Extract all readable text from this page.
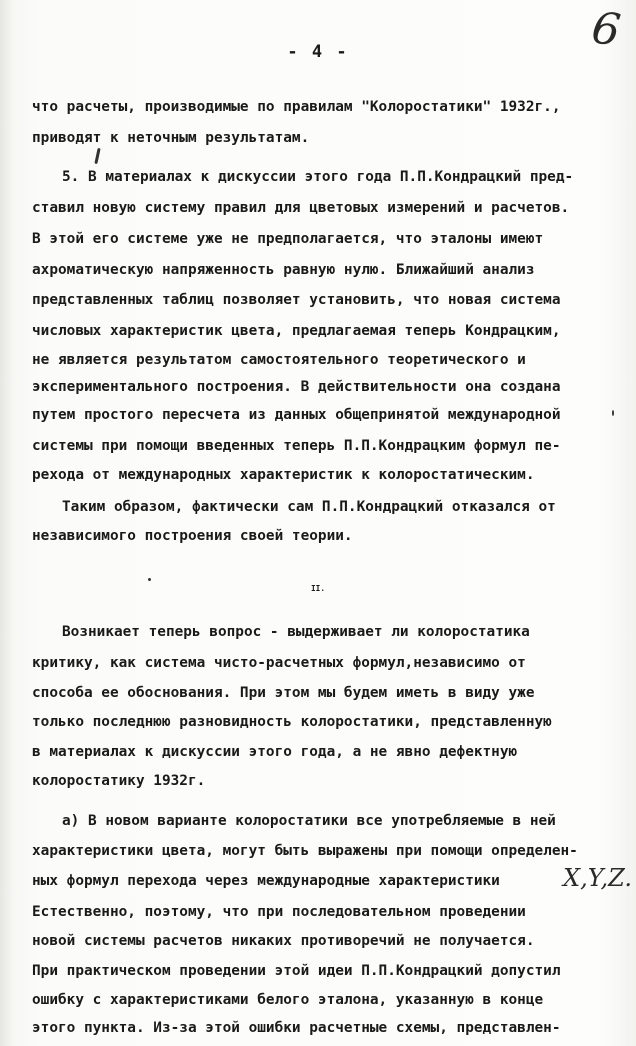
6
- 4 -
что расчеты, производимые по правилам "Колоростатики" 1932г.,
приводят к неточным результатам.
5. В материалах к дискуссии этого года П.П.Кондрацкий пред-
ставил новую систему правил для цветовых измерений и расчетов.
В этой его системе уже не предполагается, что эталоны имеют
ахроматическую напряженность равную нулю. Ближайший анализ
представленных таблиц позволяет установить, что новая система
числовых характеристик цвета, предлагаемая теперь Кондрацким,
не является результатом самостоятельного теоретического и
экспериментального построения. В действительности она создана
путем простого пересчета из данных общепринятой международной
системы при помощи введенных теперь П.П.Кондрацким формул пе-
рехода от международных характеристик к колоростатическим.
Таким образом, фактически сам П.П.Кондрацкий отказался от
независимого построения своей теории.
II.
Возникает теперь вопрос - выдерживает ли колоростатика
критику, как система чисто-расчетных формул,независимо от
способа ее обоснования. При этом мы будем иметь в виду уже
только последнюю разновидность колоростатики, представленную
в материалах к дискуссии этого года, а не явно дефектную
колоростатику 1932г.
а) В новом варианте колоростатики все употребляемые в ней
характеристики цвета, могут быть выражены при помощи определен-
ных формул перехода через международные характеристики	X,Y,Z.
Естественно, поэтому, что при последовательном проведении
новой системы расчетов никаких противоречий не получается.
При практическом проведении этой идеи П.П.Кондрацкий допустил
ошибку с характеристиками белого эталона, указанную в конце
этого пункта. Из-за этой ошибки расчетные схемы, представлен-
